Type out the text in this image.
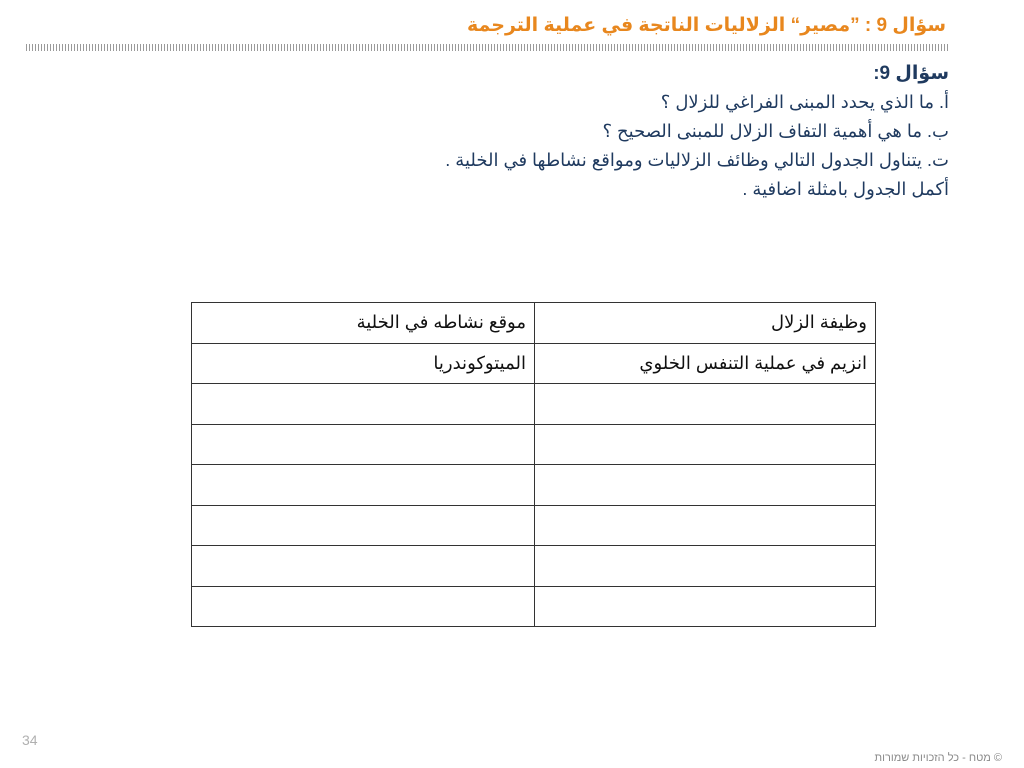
سؤال 9 : ”مصير“ الزلاليات الناتجة في عملية الترجمة
سؤال 9:
أ. ما الذي يحدد المبنى الفراغي للزلال ؟
ب. ما هي أهمية التفاف الزلال للمبنى الصحيح ؟
ت. يتناول الجدول التالي وظائف الزلاليات ومواقع نشاطها في الخلية .
أكمل الجدول بامثلة اضافية .
وظيفة الزلال	موقع نشاطه في الخلية
انزيم في عملية التنفس الخلوي	الميتوكوندريا

34
© מטח - כל הזכויות שמורות
